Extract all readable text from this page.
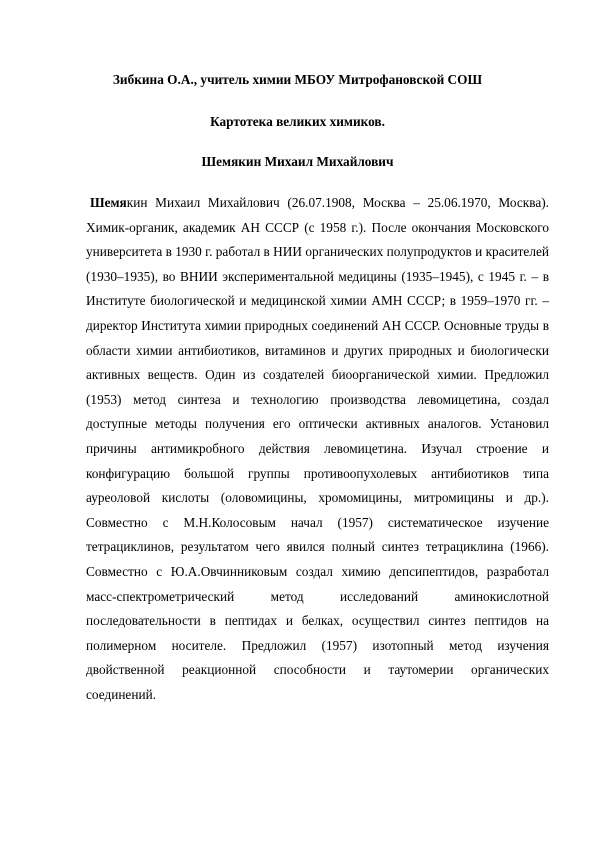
Зибкина О.А., учитель химии МБОУ Митрофановской СОШ
Картотека великих химиков.
Шемякин Михаил Михайлович

Шемякин Михаил Михайлович (26.07.1908, Москва – 25.06.1970, Москва). Химик-органик, академик АН СССР (с 1958 г.). После окончания Московского университета в 1930 г. работал в НИИ органических полупродуктов и красителей (1930–1935), во ВНИИ экспериментальной медицины (1935–1945), с 1945 г. – в Институте биологической и медицинской химии АМН СССР; в 1959–1970 гг. – директор Института химии природных соединений АН СССР. Основные труды в области химии антибиотиков, витаминов и других природных и биологически активных веществ. Один из создателей биоорганической химии. Предложил (1953) метод синтеза и технологию производства левомицетина, создал доступные методы получения его оптически активных аналогов. Установил причины антимикробного действия левомицетина. Изучал строение и конфигурацию большой группы противоопухолевых антибиотиков типа ауреоловой кислоты (оловомицины, хромомицины, митромицины и др.). Совместно с М.Н.Колосовым начал (1957) систематическое изучение тетрациклинов, результатом чего явился полный синтез тетрациклина (1966). Совместно с Ю.А.Овчинниковым создал химию депсипептидов, разработал масс-спектрометрический метод исследований аминокислотной последовательности в пептидах и белках, осуществил синтез пептидов на полимерном носителе. Предложил (1957) изотопный метод изучения двойственной реакционной способности и таутомерии органических соединений.
